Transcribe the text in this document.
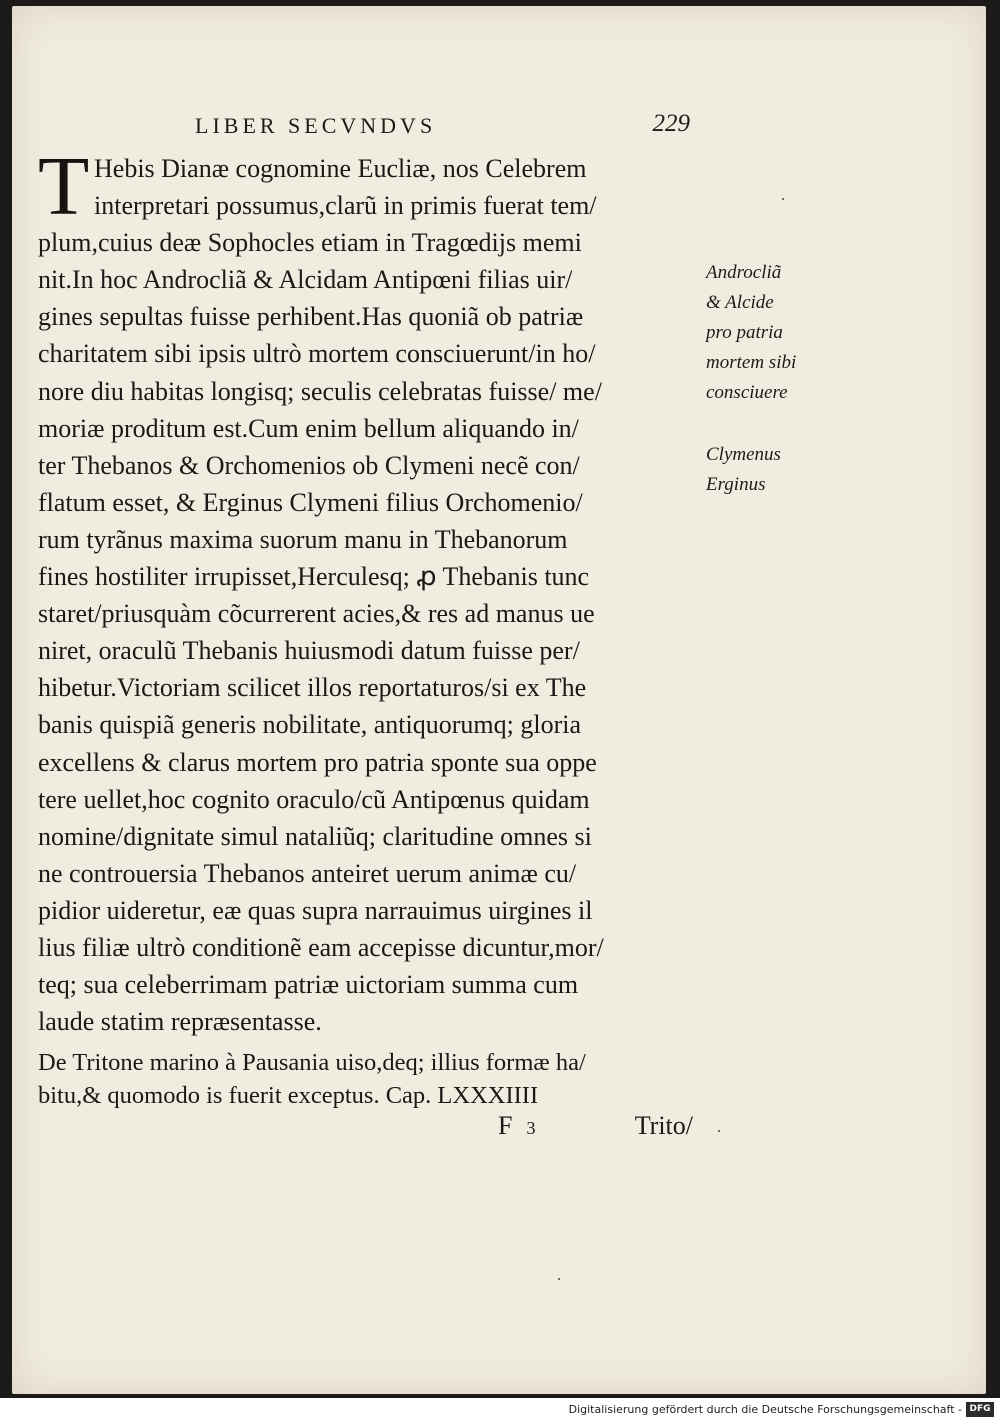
LIBER SECVNDVS	229
T Hebis Dianæ cognomine Eucliæ, nos Celebrem
interpretari possumus,clarũ in primis fuerat tem/
plum,cuius deæ Sophocles etiam in Tragœdijs memi
nit.In hoc Androcliã & Alcidam Antipœni filias uir/
gines sepultas fuisse perhibent.Has quoniã ob patriæ
charitatem sibi ipsis ultrò mortem consciuerunt/in ho/
nore diu habitas longisq; seculis celebratas fuisse/ me/
moriæ proditum est.Cum enim bellum aliquando in/
ter Thebanos & Orchomenios ob Clymeni necẽ con/
flatum esset, & Erginus Clymeni filius Orchomenio/
rum tyrãnus maxima suorum manu in Thebanorum
fines hostiliter irrupisset,Herculesq; ꝓ Thebanis tunc
staret/priusquàm cõcurrerent acies,& res ad manus ue
niret, oraculũ Thebanis huiusmodi datum fuisse per/
hibetur.Victoriam scilicet illos reportaturos/si ex The
banis quispiã generis nobilitate, antiquorumq; gloria
excellens & clarus mortem pro patria sponte sua oppe
tere uellet,hoc cognito oraculo/cũ Antipœnus quidam
nomine/dignitate simul nataliũq; claritudine omnes si
ne controuersia Thebanos anteiret uerum animæ cu/
pidior uideretur, eæ quas supra narrauimus uirgines il
lius filiæ ultrò conditionẽ eam accepisse dicuntur,mor/
teq; sua celeberrimam patriæ uictoriam summa cum
laude statim repræsentasse.
De Tritone marino à Pausania uiso,deq; illius formæ ha/
bitu,& quomodo is fuerit exceptus. Cap. LXXXIIII
F 3	Trito/
Androcliã
& Alcide
pro patria
mortem sibi
consciuere
Clymenus
Erginus
Digitalisierung gefördert durch die Deutsche Forschungsgemeinschaft - DFG
